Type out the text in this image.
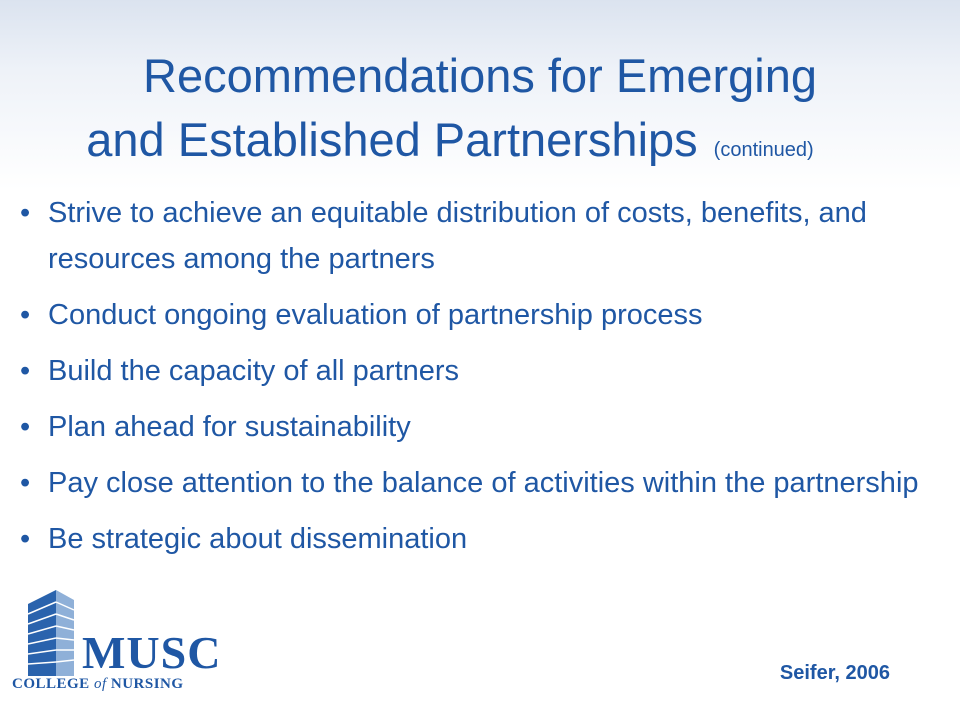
Recommendations for Emerging
and Established Partnerships (continued)
• Strive to achieve an equitable distribution of costs, benefits, and resources among the partners
• Conduct ongoing evaluation of partnership process
• Build the capacity of all partners
• Plan ahead for sustainability
• Pay close attention to the balance of activities within the partnership
• Be strategic about dissemination
MUSC
COLLEGE of NURSING	Seifer, 2006
